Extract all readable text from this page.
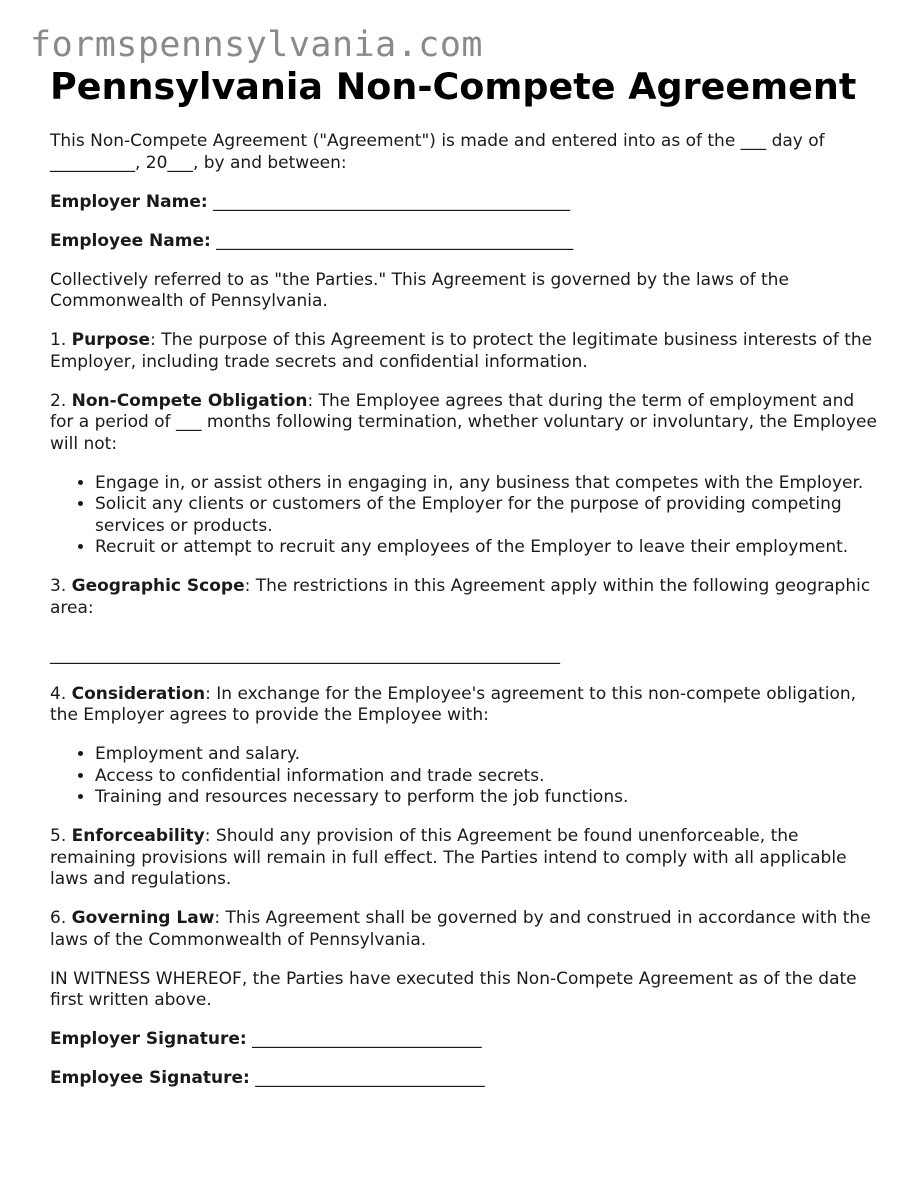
formspennsylvania.com
Pennsylvania Non-Compete Agreement

This Non-Compete Agreement ("Agreement") is made and entered into as of the ___ day of __________, 20___, by and between:

Employer Name: __________________________________________

Employee Name: __________________________________________

Collectively referred to as "the Parties." This Agreement is governed by the laws of the Commonwealth of Pennsylvania.

1. Purpose: The purpose of this Agreement is to protect the legitimate business interests of the Employer, including trade secrets and confidential information.

2. Non-Compete Obligation: The Employee agrees that during the term of employment and for a period of ___ months following termination, whether voluntary or involuntary, the Employee will not:

• Engage in, or assist others in engaging in, any business that competes with the Employer.
• Solicit any clients or customers of the Employer for the purpose of providing competing services or products.
• Recruit or attempt to recruit any employees of the Employer to leave their employment.

3. Geographic Scope: The restrictions in this Agreement apply within the following geographic area:

____________________________________________________________

4. Consideration: In exchange for the Employee's agreement to this non-compete obligation, the Employer agrees to provide the Employee with:

• Employment and salary.
• Access to confidential information and trade secrets.
• Training and resources necessary to perform the job functions.

5. Enforceability: Should any provision of this Agreement be found unenforceable, the remaining provisions will remain in full effect. The Parties intend to comply with all applicable laws and regulations.

6. Governing Law: This Agreement shall be governed by and construed in accordance with the laws of the Commonwealth of Pennsylvania.

IN WITNESS WHEREOF, the Parties have executed this Non-Compete Agreement as of the date first written above.

Employer Signature: ___________________________

Employee Signature: ___________________________
